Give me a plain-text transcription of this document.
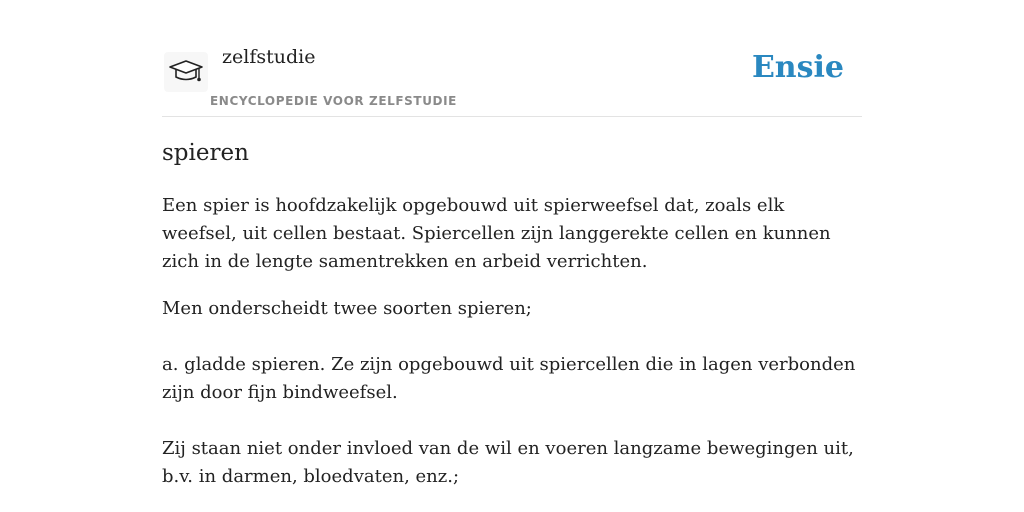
zelfstudie
ENCYCLOPEDIE VOOR ZELFSTUDIE
Ensie
spieren

Een spier is hoofdzakelijk opgebouwd uit spierweefsel dat, zoals elk weefsel, uit cellen bestaat. Spiercellen zijn langgerekte cellen en kunnen zich in de lengte samentrekken en arbeid verrichten.

Men onderscheidt twee soorten spieren;

a. gladde spieren. Ze zijn opgebouwd uit spiercellen die in lagen verbonden zijn door fijn bindweefsel.

Zij staan niet onder invloed van de wil en voeren langzame bewegingen uit, b.v. in darmen, bloedvaten, enz.;
